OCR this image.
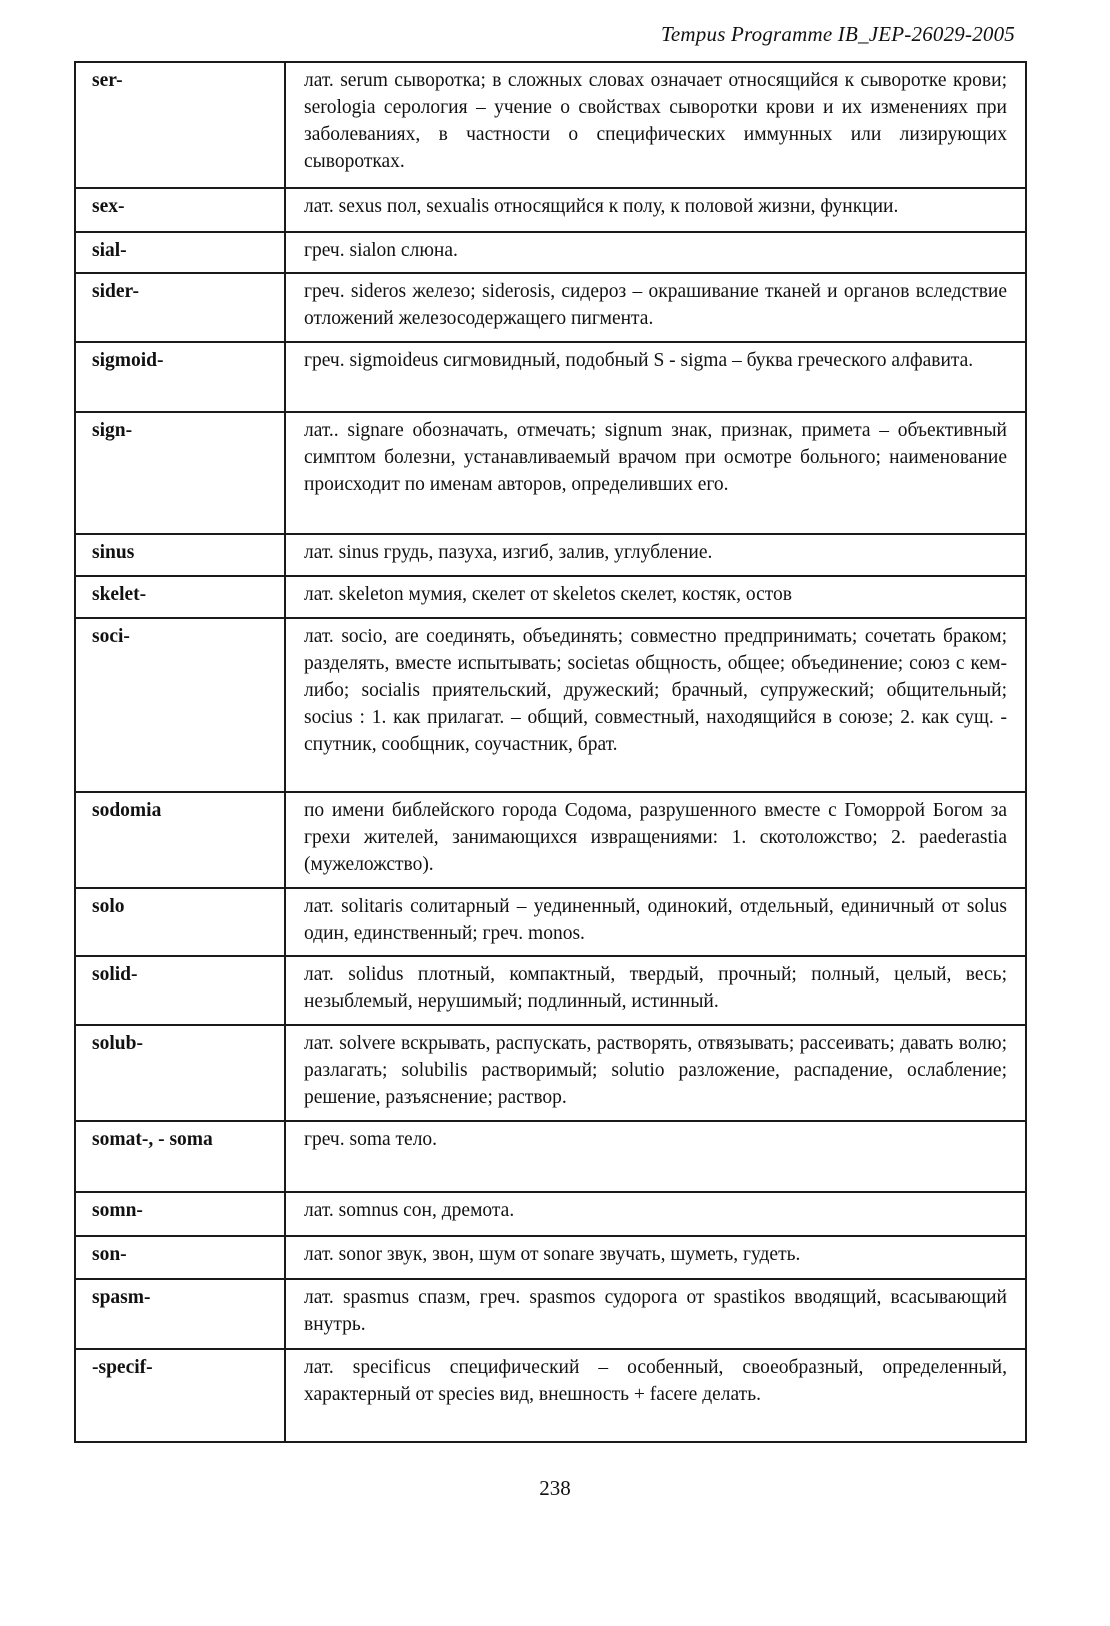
Tempus Programme IB_JEP-26029-2005
ser-	лат. serum сыворотка; в сложных словах означает относящийся к сыворотке крови; serologia серология – учение о свойствах сыворотки крови и их изменениях при заболеваниях, в частности о специфических иммунных или лизирующих сыворотках.
sex-	лат. sexus пол, sexualis относящийся к полу, к половой жизни, функции.
sial-	греч. sialon слюна.
sider-	греч. sideros железо; siderosis, сидероз – окрашивание тканей и органов вследствие отложений железосодержащего пигмента.
sigmoid-	греч. sigmoideus сигмовидный, подобный S - sigma – буква греческого алфавита.
sign-	лат.. signare обозначать, отмечать; signum знак, признак, примета – объективный симптом болезни, устанавливаемый врачом при осмотре больного; наименование происходит по именам авторов, определивших его.
sinus	лат. sinus грудь, пазуха, изгиб, залив, углубление.
skelet-	лат. skeleton мумия, скелет от skeletos скелет, костяк, остов
soci-	лат. socio, are соединять, объединять; совместно предпринимать; сочетать браком; разделять, вместе испытывать; societas общность, общее; объединение; союз с кем-либо; socialis приятельский, дружеский; брачный, супружеский; общительный; socius : 1. как прилагат. – общий, совместный, находящийся в союзе; 2. как сущ. - спутник, сообщник, соучастник, брат.
sodomia	по имени библейского города Содома, разрушенного вместе с Гоморрой Богом за грехи жителей, занимающихся извращениями: 1. скотоложство; 2. paederastia (мужеложство).
solo	лат. solitaris солитарный – уединенный, одинокий, отдельный, единичный от solus один, единственный; греч. monos.
solid-	лат. solidus плотный, компактный, твердый, прочный; полный, целый, весь; незыблемый, нерушимый; подлинный, истинный.
solub-	лат. solvere вскрывать, распускать, растворять, отвязывать; рассеивать; давать волю; разлагать; solubilis растворимый; solutio разложение, распадение, ослабление; решение, разъяснение; раствор.
somat-, - soma	греч. soma тело.
somn-	лат. somnus сон, дремота.
son-	лат. sonor звук, звон, шум от sonare звучать, шуметь, гудеть.
spasm-	лат. spasmus спазм, греч. spasmos судорога от spastikos вводящий, всасывающий внутрь.
-specif-	лат. specificus специфический – особенный, своеобразный, определенный, характерный от species вид, внешность + facere делать.
238
